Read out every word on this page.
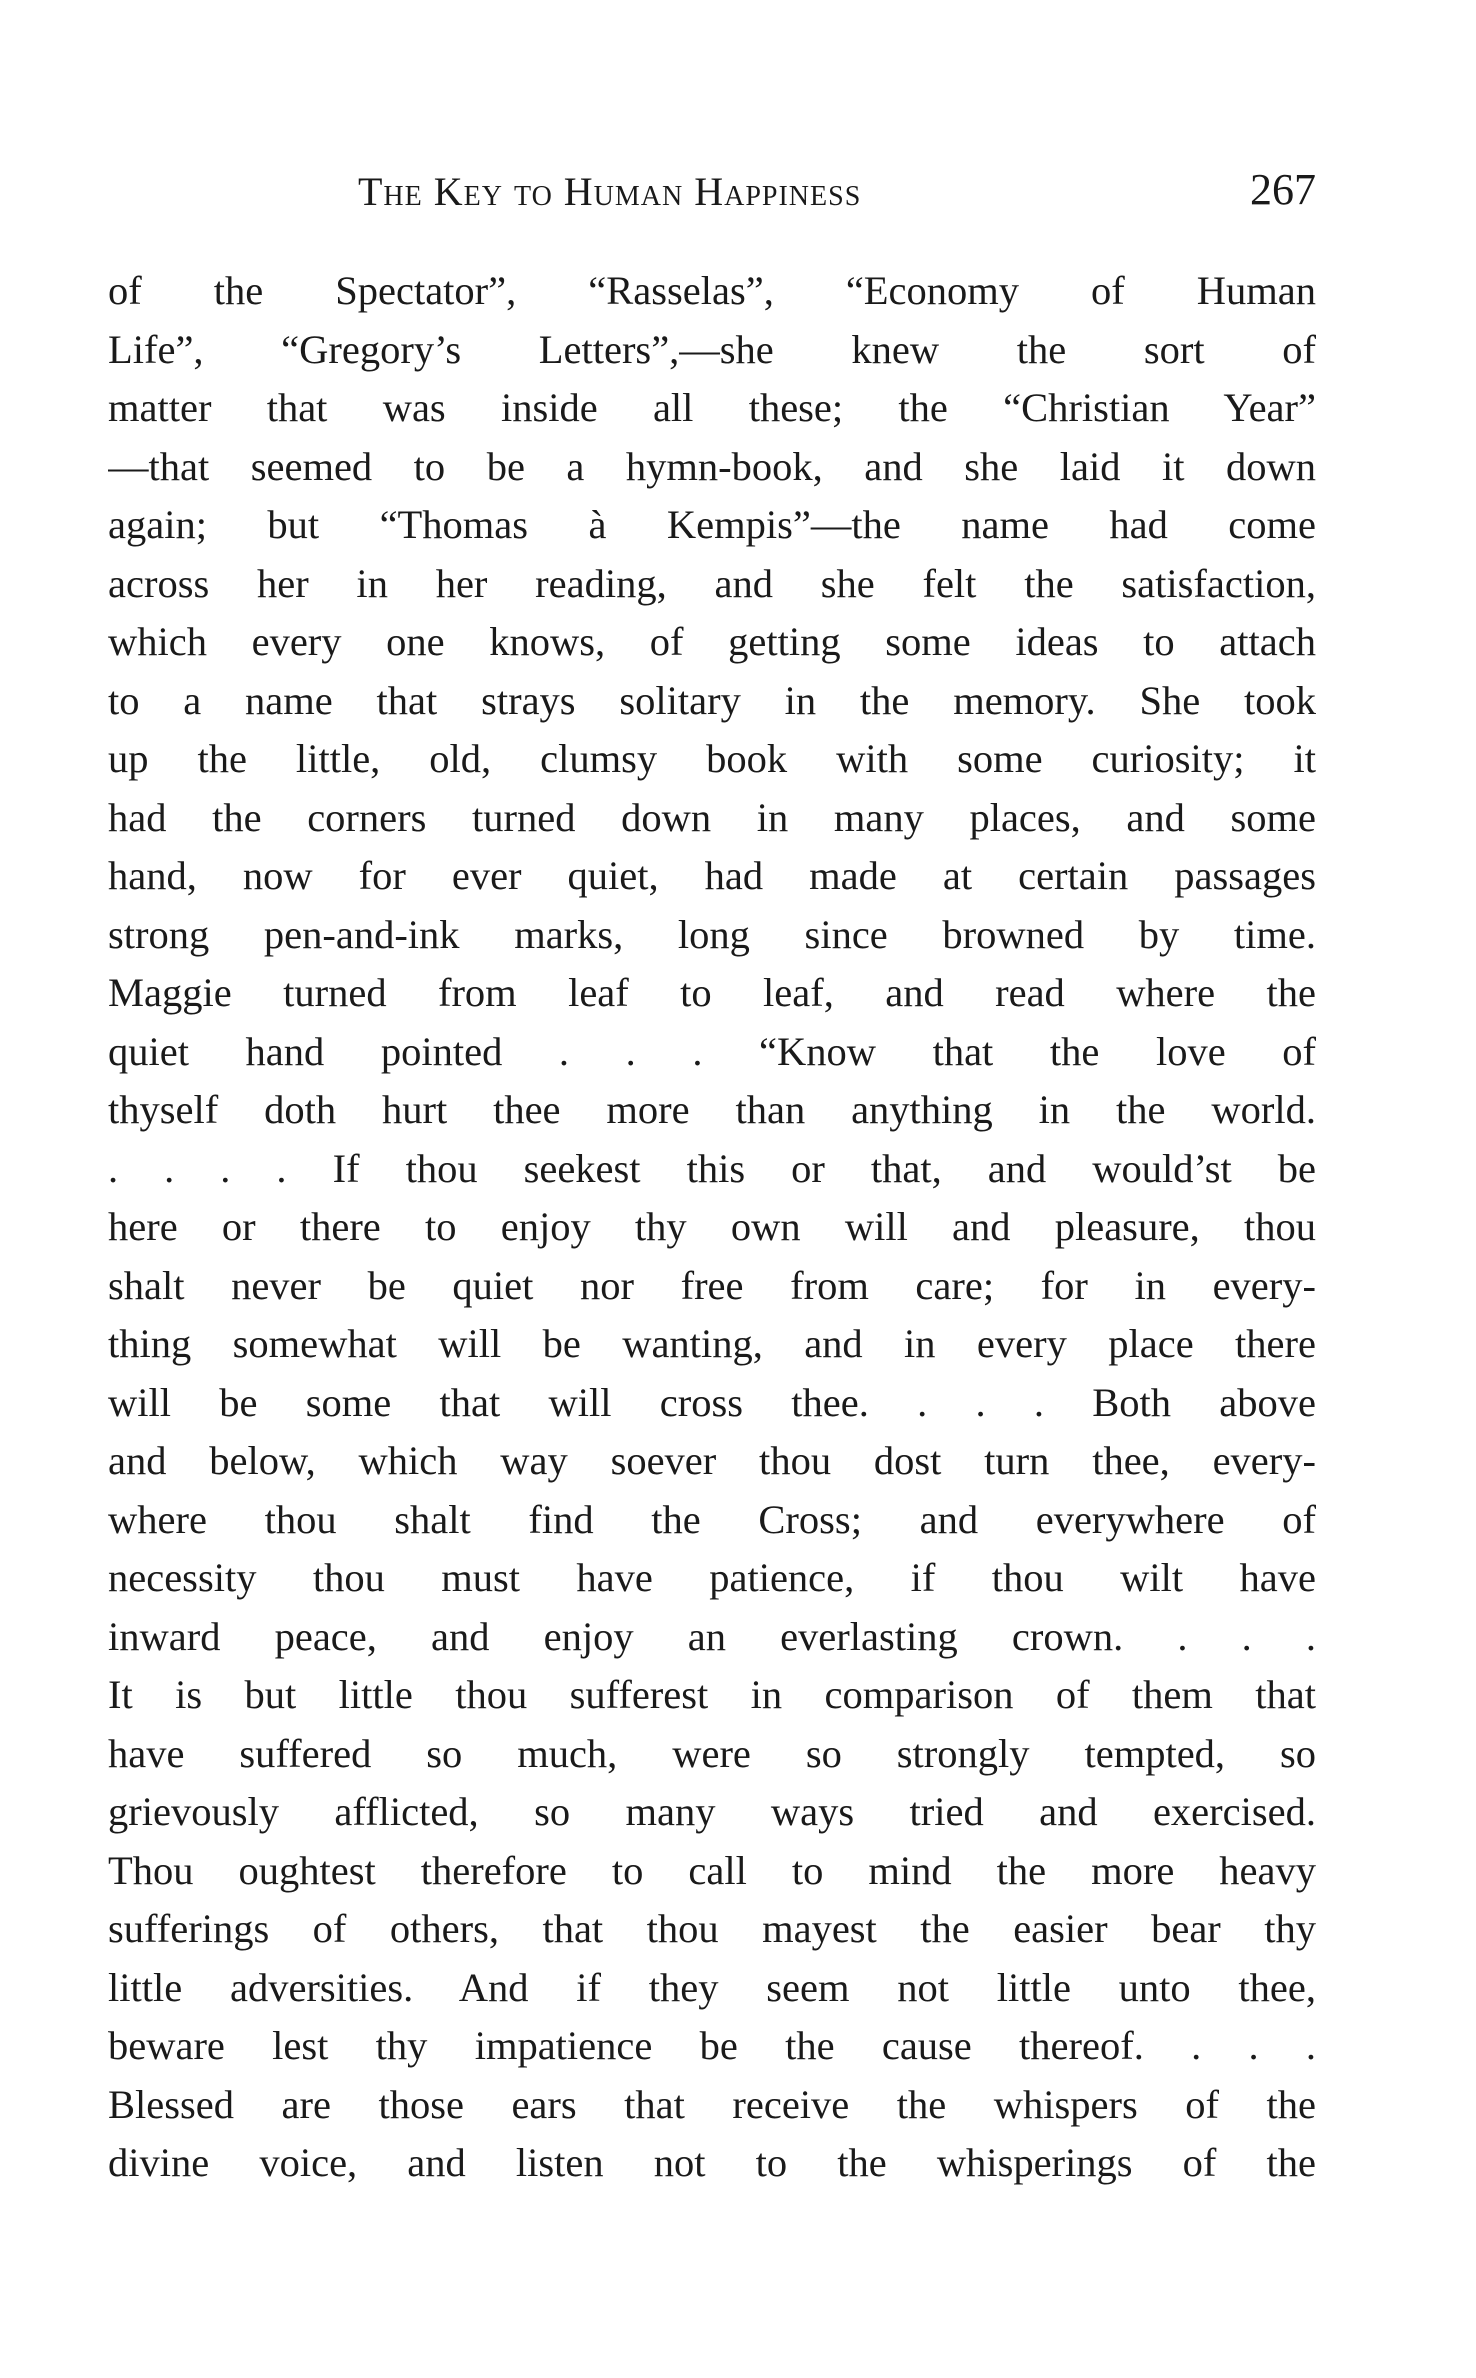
The Key to Human Happiness	267
of the Spectator”, “Rasselas”, “Economy of Human
Life”, “Gregory’s Letters”,—she knew the sort of
matter that was inside all these; the “Christian Year”
—that seemed to be a hymn-book, and she laid it down
again; but “Thomas à Kempis”—the name had come
across her in her reading, and she felt the satisfaction,
which every one knows, of getting some ideas to attach
to a name that strays solitary in the memory. She took
up the little, old, clumsy book with some curiosity; it
had the corners turned down in many places, and some
hand, now for ever quiet, had made at certain passages
strong pen-and-ink marks, long since browned by time.
Maggie turned from leaf to leaf, and read where the
quiet hand pointed . . . “Know that the love of
thyself doth hurt thee more than anything in the world.
. . . . If thou seekest this or that, and would’st be
here or there to enjoy thy own will and pleasure, thou
shalt never be quiet nor free from care; for in every-
thing somewhat will be wanting, and in every place there
will be some that will cross thee. . . . Both above
and below, which way soever thou dost turn thee, every-
where thou shalt find the Cross; and everywhere of
necessity thou must have patience, if thou wilt have
inward peace, and enjoy an everlasting crown. . . .
It is but little thou sufferest in comparison of them that
have suffered so much, were so strongly tempted, so
grievously afflicted, so many ways tried and exercised.
Thou oughtest therefore to call to mind the more heavy
sufferings of others, that thou mayest the easier bear thy
little adversities. And if they seem not little unto thee,
beware lest thy impatience be the cause thereof. . . .
Blessed are those ears that receive the whispers of the
divine voice, and listen not to the whisperings of the
